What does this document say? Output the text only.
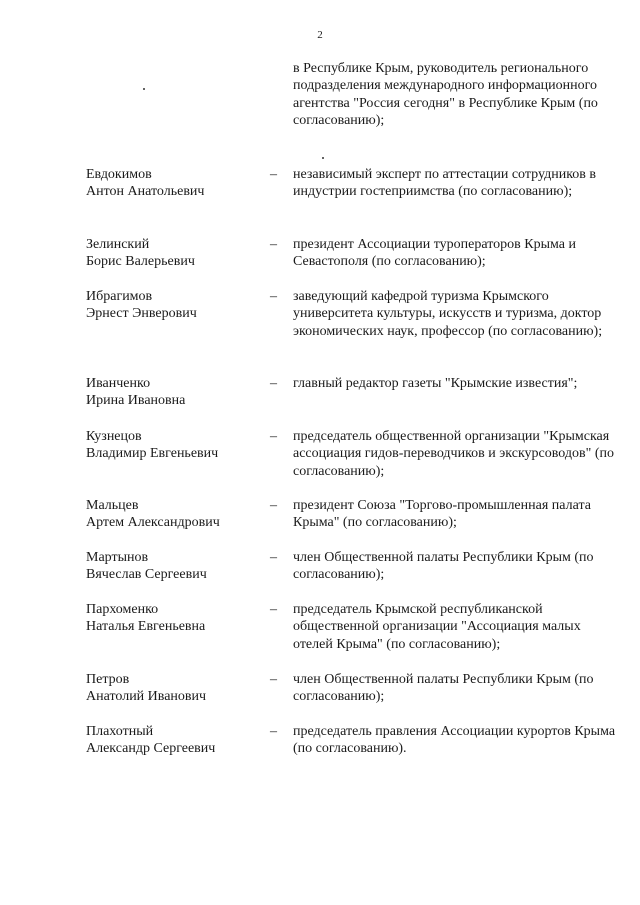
2
в Республике Крым, руководитель регионального подразделения международного информационного агентства "Россия сегодня" в Республике Крым (по согласованию);
Евдокимов
Антон Анатольевич
–	независимый эксперт по аттестации сотрудников в индустрии гостеприимства (по согласованию);
Зелинский
Борис Валерьевич
–	президент Ассоциации туроператоров Крыма и Севастополя (по согласованию);
Ибрагимов
Эрнест Энверович
–	заведующий кафедрой туризма Крымского университета культуры, искусств и туризма, доктор экономических наук, профессор (по согласованию);
Иванченко
Ирина Ивановна
–	главный редактор газеты "Крымские известия";
Кузнецов
Владимир Евгеньевич
–	председатель общественной организации "Крымская ассоциация гидов-переводчиков и экскурсоводов" (по согласованию);
Мальцев
Артем Александрович
–	президент Союза "Торгово-промышленная палата Крыма" (по согласованию);
Мартынов
Вячеслав Сергеевич
–	член Общественной палаты Республики Крым (по согласованию);
Пархоменко
Наталья Евгеньевна
–	председатель Крымской республиканской общественной организации "Ассоциация малых отелей Крыма" (по согласованию);
Петров
Анатолий Иванович
–	член Общественной палаты Республики Крым (по согласованию);
Плахотный
Александр Сергеевич
–	председатель правления Ассоциации курортов Крыма (по согласованию).
